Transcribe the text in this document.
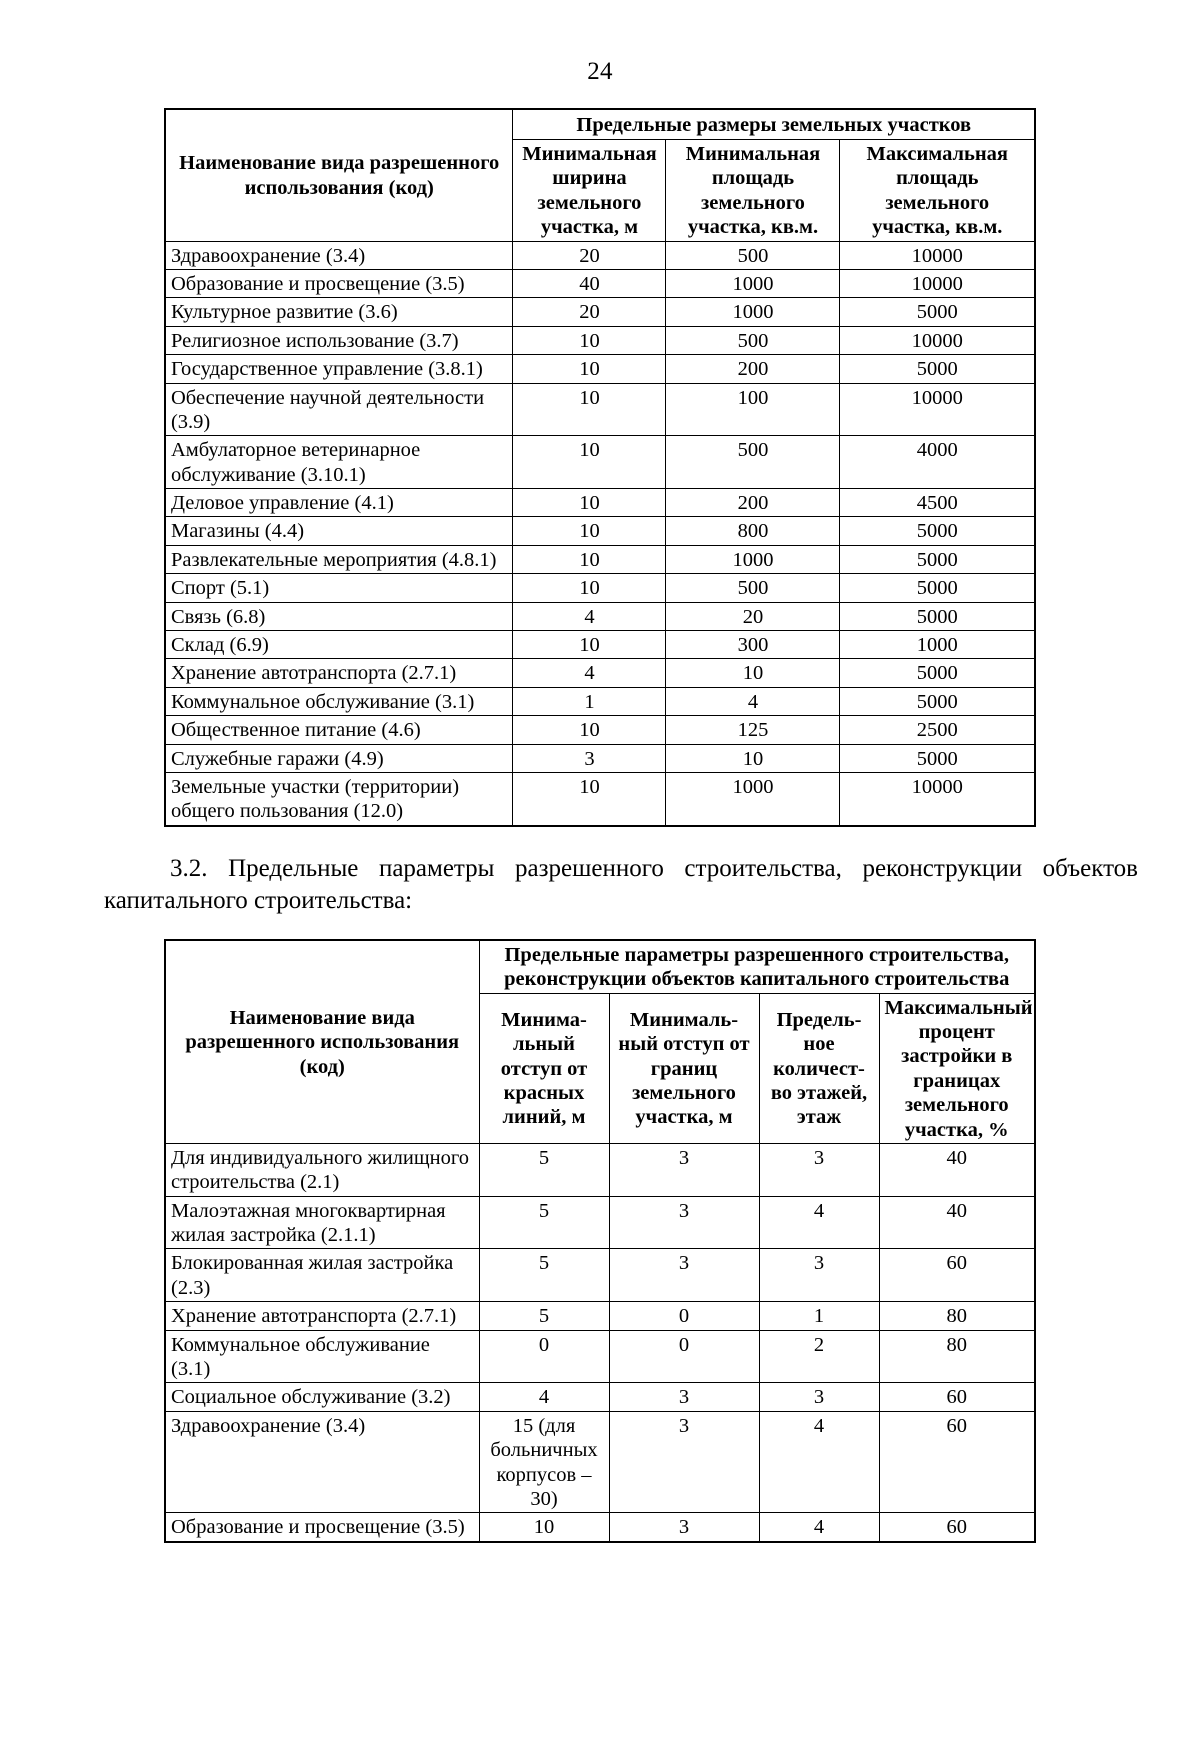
24
Наименование вида разрешенного использования (код)	Предельные размеры земельных участков		
	Минимальная ширина земельного участка, м	Минимальная площадь земельного участка, кв.м.	Максимальная площадь земельного участка, кв.м.
Здравоохранение (3.4)	20	500	10000
Образование и просвещение (3.5)	40	1000	10000
Культурное развитие (3.6)	20	1000	5000
Религиозное использование (3.7)	10	500	10000
Государственное управление (3.8.1)	10	200	5000
Обеспечение научной деятельности (3.9)	10	100	10000
Амбулаторное ветеринарное обслуживание (3.10.1)	10	500	4000
Деловое управление (4.1)	10	200	4500
Магазины (4.4)	10	800	5000
Развлекательные мероприятия (4.8.1)	10	1000	5000
Спорт (5.1)	10	500	5000
Связь (6.8)	4	20	5000
Склад (6.9)	10	300	1000
Хранение автотранспорта (2.7.1)	4	10	5000
Коммунальное обслуживание (3.1)	1	4	5000
Общественное питание (4.6)	10	125	2500
Служебные гаражи (4.9)	3	10	5000
Земельные участки (территории) общего пользования (12.0)	10	1000	10000

3.2. Предельные параметры разрешенного строительства, реконструкции объектов капитального строительства:

Наименование вида разрешенного использования (код)	Предельные параметры разрешенного строительства, реконструкции объектов капитального строительства			
	Минима-льный отступ от красных линий, м	Минималь-ный отступ от границ земельного участка, м	Предель-ное количест-во этажей, этаж	Максимальный процент застройки в границах земельного участка, %
Для индивидуального жилищного строительства (2.1)	5	3	3	40
Малоэтажная многоквартирная жилая застройка (2.1.1)	5	3	4	40
Блокированная жилая застройка (2.3)	5	3	3	60
Хранение автотранспорта (2.7.1)	5	0	1	80
Коммунальное обслуживание (3.1)	0	0	2	80
Социальное обслуживание (3.2)	4	3	3	60
Здравоохранение (3.4)	15 (для больничных корпусов – 30)	3	4	60
Образование и просвещение (3.5)	10	3	4	60
